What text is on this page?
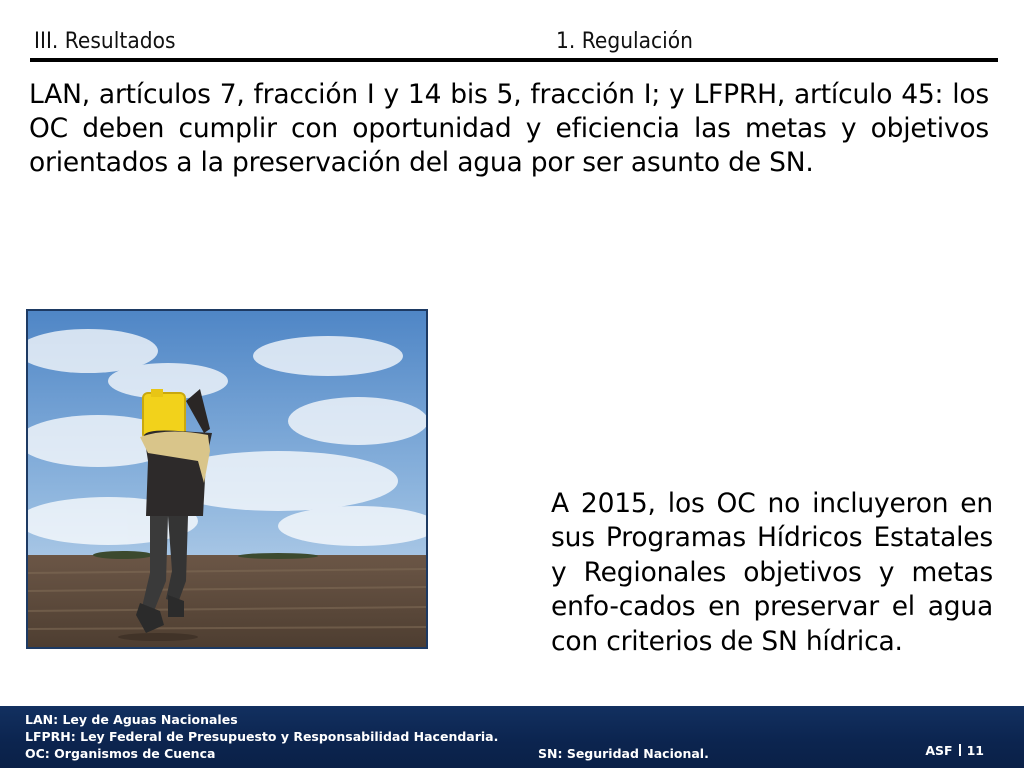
III. Resultados	1. Regulación

LAN, artículos 7, fracción I y 14 bis 5, fracción I; y LFPRH, artículo 45: los OC deben cumplir con oportunidad y eficiencia las metas y objetivos orientados a la preservación del agua por ser asunto de SN.

A 2015, los OC no incluyeron en sus Programas Hídricos Estatales y Regionales objetivos y metas enfo-cados en preservar el agua con criterios de SN hídrica.

LAN: Ley de Aguas Nacionales
LFPRH: Ley Federal de Presupuesto y Responsabilidad Hacendaria.
OC: Organismos de Cuenca	SN: Seguridad Nacional.	ASF 11
